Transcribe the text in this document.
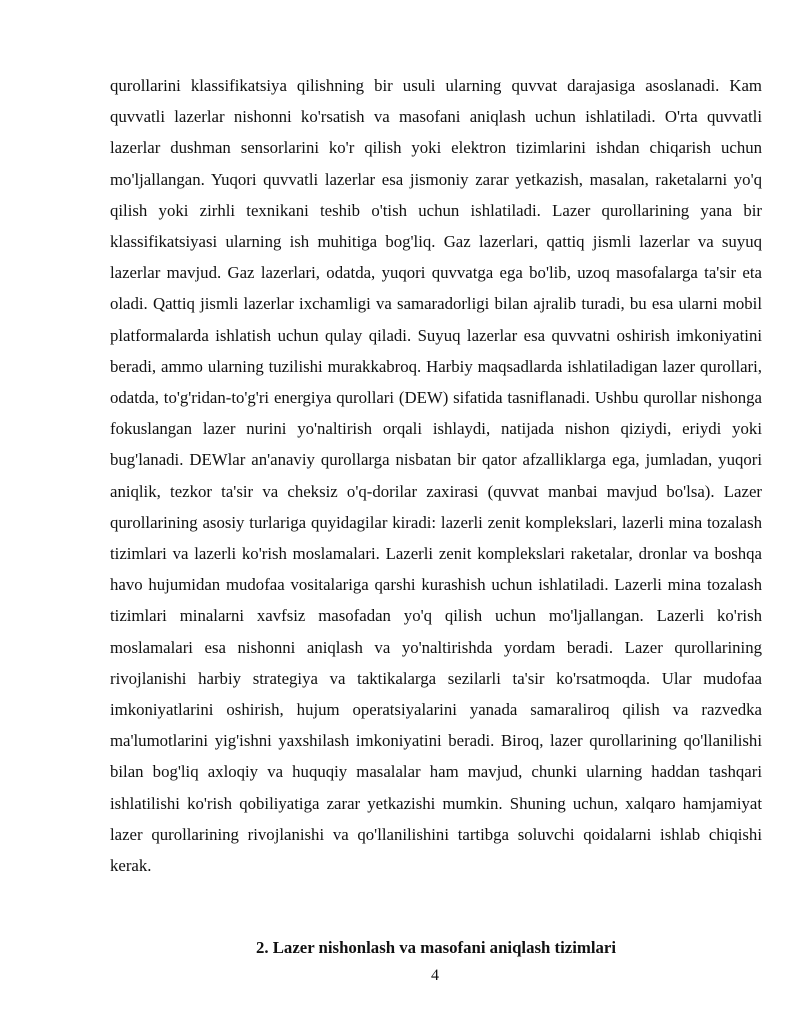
qurollarini klassifikatsiya qilishning bir usuli ularning quvvat darajasiga asoslanadi. Kam quvvatli lazerlar nishonni ko'rsatish va masofani aniqlash uchun ishlatiladi. O'rta quvvatli lazerlar dushman sensorlarini ko'r qilish yoki elektron tizimlarini ishdan chiqarish uchun mo'ljallangan. Yuqori quvvatli lazerlar esa jismoniy zarar yetkazish, masalan, raketalarni yo'q qilish yoki zirhli texnikani teshib o'tish uchun ishlatiladi. Lazer qurollarining yana bir klassifikatsiyasi ularning ish muhitiga bog'liq. Gaz lazerlari, qattiq jismli lazerlar va suyuq lazerlar mavjud. Gaz lazerlari, odatda, yuqori quvvatga ega bo'lib, uzoq masofalarga ta'sir eta oladi. Qattiq jismli lazerlar ixchamligi va samaradorligi bilan ajralib turadi, bu esa ularni mobil platformalarda ishlatish uchun qulay qiladi. Suyuq lazerlar esa quvvatni oshirish imkoniyatini beradi, ammo ularning tuzilishi murakkabroq. Harbiy maqsadlarda ishlatiladigan lazer qurollari, odatda, to'g'ridan-to'g'ri energiya qurollari (DEW) sifatida tasniflanadi. Ushbu qurollar nishonga fokuslangan lazer nurini yo'naltirish orqali ishlaydi, natijada nishon qiziydi, eriydi yoki bug'lanadi. DEWlar an'anaviy qurollarga nisbatan bir qator afzalliklarga ega, jumladan, yuqori aniqlik, tezkor ta'sir va cheksiz o'q-dorilar zaxirasi (quvvat manbai mavjud bo'lsa). Lazer qurollarining asosiy turlariga quyidagilar kiradi: lazerli zenit komplekslari, lazerli mina tozalash tizimlari va lazerli ko'rish moslamalari. Lazerli zenit komplekslari raketalar, dronlar va boshqa havo hujumidan mudofaa vositalariga qarshi kurashish uchun ishlatiladi. Lazerli mina tozalash tizimlari minalarni xavfsiz masofadan yo'q qilish uchun mo'ljallangan. Lazerli ko'rish moslamalari esa nishonni aniqlash va yo'naltirishda yordam beradi. Lazer qurollarining rivojlanishi harbiy strategiya va taktikalarga sezilarli ta'sir ko'rsatmoqda. Ular mudofaa imkoniyatlarini oshirish, hujum operatsiyalarini yanada samaraliroq qilish va razvedka ma'lumotlarini yig'ishni yaxshilash imkoniyatini beradi. Biroq, lazer qurollarining qo'llanilishi bilan bog'liq axloqiy va huquqiy masalalar ham mavjud, chunki ularning haddan tashqari ishlatilishi ko'rish qobiliyatiga zarar yetkazishi mumkin. Shuning uchun, xalqaro hamjamiyat lazer qurollarining rivojlanishi va qo'llanilishini tartibga soluvchi qoidalarni ishlab chiqishi kerak.

2. Lazer nishonlash va masofani aniqlash tizimlari
4
